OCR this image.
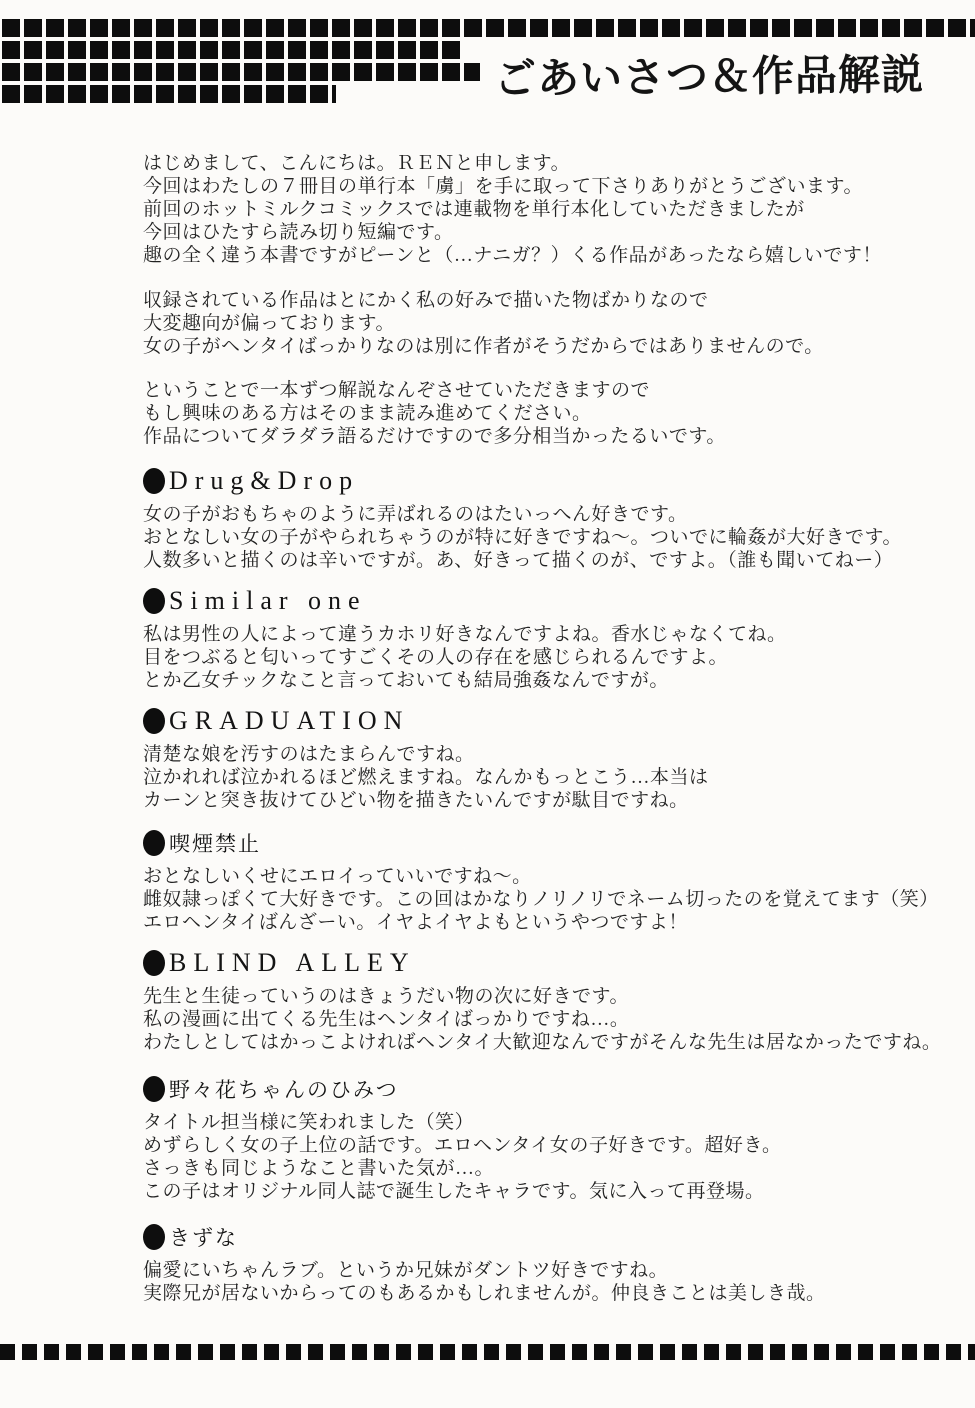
ごあいさつ＆作品解説
はじめまして、こんにちは。ＲＥＮと申します。
今回はわたしの７冊目の単行本「虜」を手に取って下さりありがとうございます。
前回のホットミルクコミックスでは連載物を単行本化していただきましたが
今回はひたすら読み切り短編です。
趣の全く違う本書ですがピーンと（…ナニガ？）くる作品があったなら嬉しいです！
収録されている作品はとにかく私の好みで描いた物ばかりなので
大変趣向が偏っております。
女の子がヘンタイばっかりなのは別に作者がそうだからではありませんので。
ということで一本ずつ解説なんぞさせていただきますので
もし興味のある方はそのまま読み進めてください。
作品についてダラダラ語るだけですので多分相当かったるいです。
Drug&Drop
女の子がおもちゃのように弄ばれるのはたいっへん好きです。
おとなしい女の子がやられちゃうのが特に好きですね～。ついでに輪姦が大好きです。
人数多いと描くのは辛いですが。あ、好きって描くのが、ですよ。（誰も聞いてねー）
Similar one
私は男性の人によって違うカホリ好きなんですよね。香水じゃなくてね。
目をつぶると匂いってすごくその人の存在を感じられるんですよ。
とか乙女チックなこと言っておいても結局強姦なんですが。
GRADUATION
清楚な娘を汚すのはたまらんですね。
泣かれれば泣かれるほど燃えますね。なんかもっとこう…本当は
カーンと突き抜けてひどい物を描きたいんですが駄目ですね。
喫煙禁止
おとなしいくせにエロイっていいですね～。
雌奴隷っぽくて大好きです。この回はかなりノリノリでネーム切ったのを覚えてます（笑）
エロヘンタイばんざーい。イヤよイヤよもというやつですよ！
BLIND ALLEY
先生と生徒っていうのはきょうだい物の次に好きです。
私の漫画に出てくる先生はヘンタイばっかりですね…。
わたしとしてはかっこよければヘンタイ大歓迎なんですがそんな先生は居なかったですね。
野々花ちゃんのひみつ
タイトル担当様に笑われました（笑）
めずらしく女の子上位の話です。エロヘンタイ女の子好きです。超好き。
さっきも同じようなこと書いた気が…。
この子はオリジナル同人誌で誕生したキャラです。気に入って再登場。
きずな
偏愛にいちゃんラブ。というか兄妹がダントツ好きですね。
実際兄が居ないからってのもあるかもしれませんが。仲良きことは美しき哉。
